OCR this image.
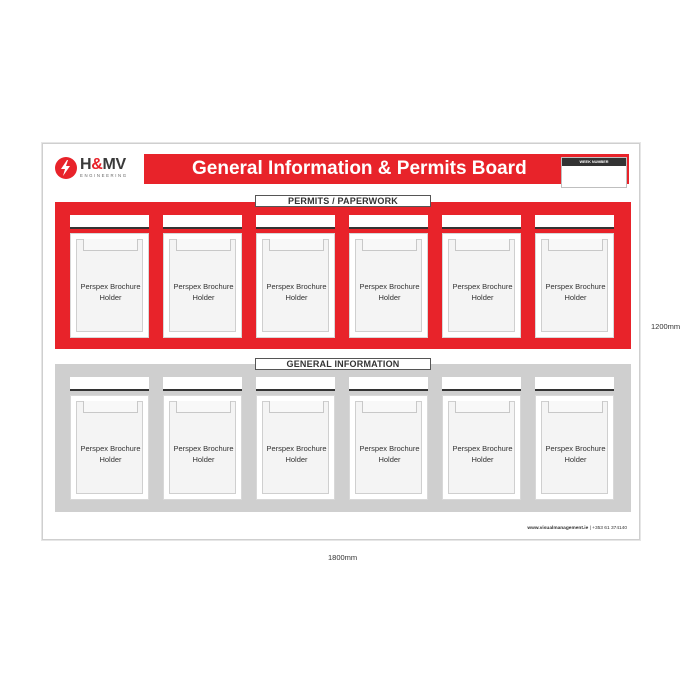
H&MV
ENGINEERING	General Information & Permits Board	WEEK NUMBER
Perspex Brochure
Holder
Perspex Brochure
Holder
Perspex Brochure
Holder
Perspex Brochure
Holder
Perspex Brochure
Holder
Perspex Brochure
Holder
PERMITS / PAPERWORK
Perspex Brochure
Holder
Perspex Brochure
Holder
Perspex Brochure
Holder
Perspex Brochure
Holder
Perspex Brochure
Holder
Perspex Brochure
Holder
GENERAL INFORMATION
www.visualmanagement.ie | +353 61 374140
1200mm
1800mm
